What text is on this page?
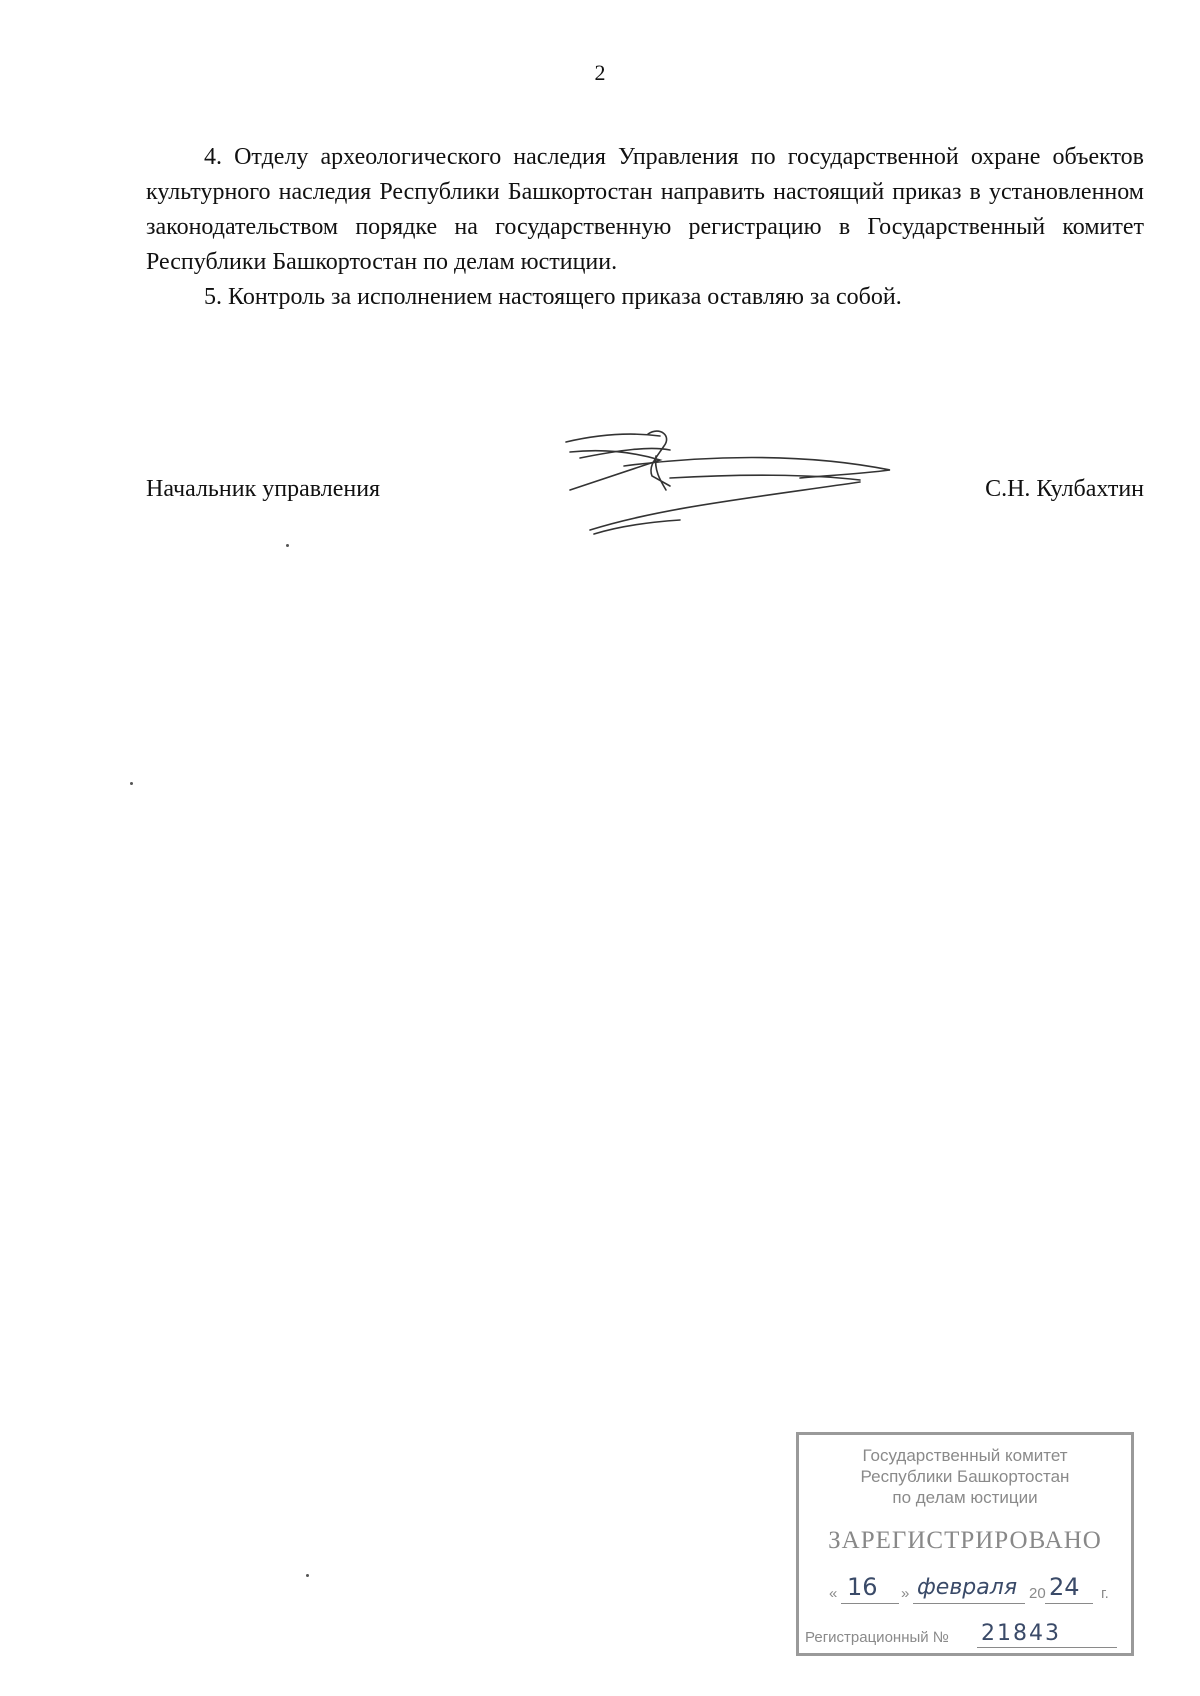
2

4. Отделу археологического наследия Управления по государственной охране объектов культурного наследия Республики Башкортостан направить настоящий приказ в установленном законодательством порядке на государственную регистрацию в Государственный комитет Республики Башкортостан по делам юстиции.

5. Контроль за исполнением настоящего приказа оставляю за собой.

Начальник управления	С.Н. Кулбахтин
Государственный комитет
Республики Башкортостан
по делам юстиции
ЗАРЕГИСТРИРОВАНО
« 16 » февраля 20 24 г.
Регистрационный № 21843
